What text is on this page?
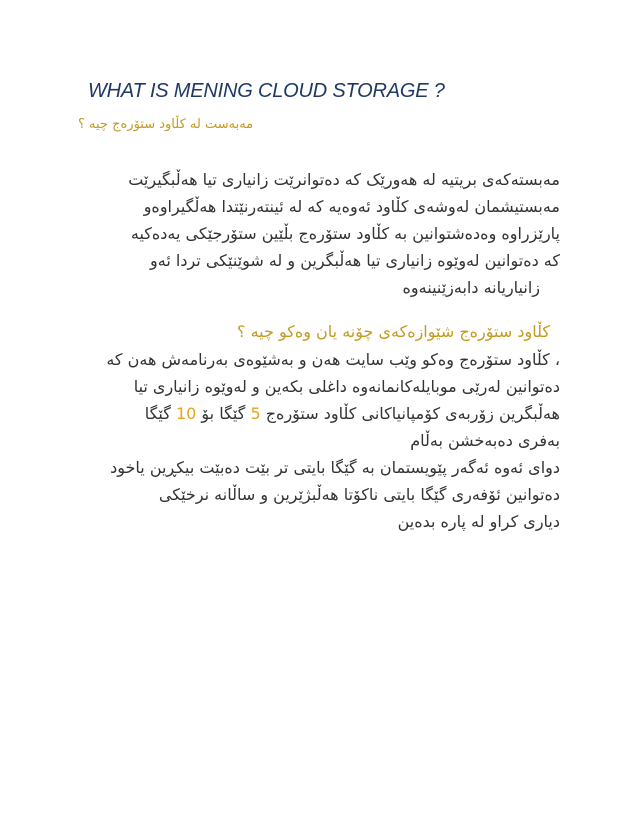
WHAT IS MENING CLOUD STORAGE ?
مەبەست لە کڵاود ستۆرەج چیە ؟
مەبستەکەی بریتیە لە هەورێک کە دەتوانرێت زانیاری تیا هەڵبگیرێت
مەبستیشمان لەوشەی کڵاود ئەوەیە کە لە ئینتەرنێتدا هەڵگیراوەو
پارێزراوە وەدەشتوانین بە کڵاود ستۆرەج بڵێین ستۆرجێکی یەدەکیە
کە دەتوانین لەوێوە زانیاری تیا هەڵبگرین و لە شوێنێکی تردا ئەو
زانیاریانە دابەزێنینەوە
کڵاود ستۆرەج شێوازەکەی چۆنە یان وەکو چیە ؟
، کڵاود ستۆرەج وەکو وێب سایت هەن و بەشێوەی بەرنامەش هەن کە
دەتوانین لەرێی موبایلەکانمانەوە داغلی بکەین و لەوێوە زانیاری تیا
هەڵبگرین زۆربەی کۆمپانیاکانی کڵاود ستۆرەج 5 گێگا بۆ 10 گێگا
بەفری دەبەخشن بەڵام
دوای ئەوە ئەگەر پێویستمان بە گێگا بایتی تر بێت دەبێت بیکڕین یاخود
دەتوانین ئۆفەری گێگا بایتی ناکۆتا هەڵبژێرین و ساڵانە نرخێکی
دیاری کراو لە پارە بدەین
